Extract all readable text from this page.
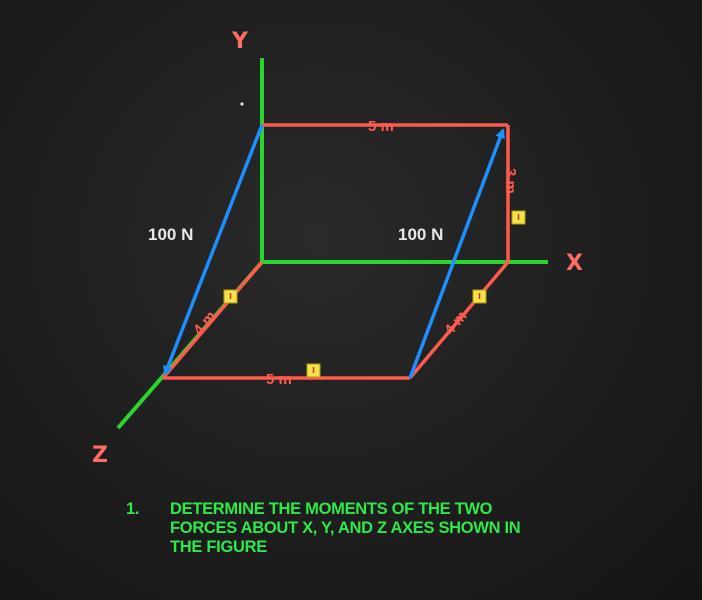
Y
X
Z
100 N	100 N
5 m
5 m
3 m
4 m	4 m
1. DETERMINE THE MOMENTS OF THE TWO
FORCES ABOUT X, Y, AND Z AXES SHOWN IN
THE FIGURE
